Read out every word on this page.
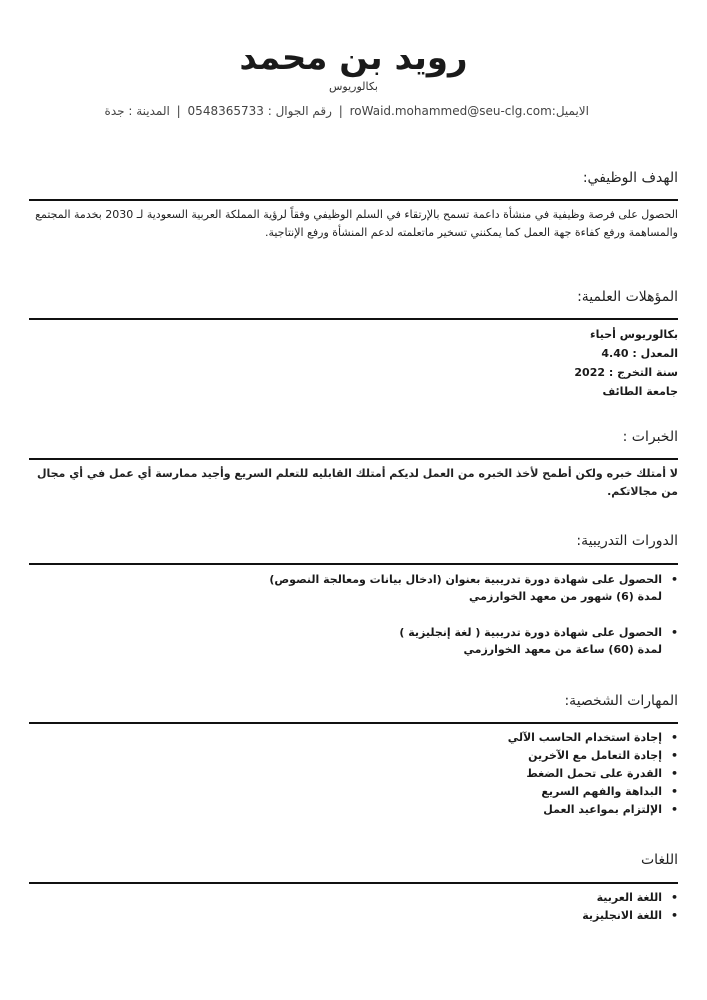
رويد بن محمد
بكالوريوس
الايميل:roWaid.mohammed@seu-clg.com | رقم الجوال : 0548365733 | المدينة : جدة
الهدف الوظيفي:
الحصول على فرصة وظيفية في منشأة داعمة تسمح بالإرتقاء في السلم الوظيفي وفقاً لرؤية المملكة العربية السعودية لـ 2030 بخدمة المجتمع
والمساهمة ورفع كفاءة جهة العمل كما يمكنني تسخير ماتعلمته لدعم المنشأة ورفع الإنتاجية.
المؤهلات العلمية:
بكالوريوس أحياء
المعدل : 4.40
سنة التخرج : 2022
جامعة الطائف
الخبرات :
لا أمتلك خبره ولكن أطمح لأخذ الخبره من العمل لديكم أمتلك القابليه للتعلم السريع وأجيد ممارسة أي عمل في أي مجال من مجالاتكم.
الدورات التدريبية:
•
الحصول على شهادة دورة تدريبية بعنوان (ادخال بيانات ومعالجة النصوص)
لمدة (6) شهور من معهد الخوارزمي
•
الحصول على شهادة دورة تدريبية ( لغة إنجليزية )
لمدة (60) ساعة من معهد الخوارزمي
المهارات الشخصية:
•
إجادة استخدام الحاسب الآلي
•
إجادة التعامل مع الآخرين
•
القدرة على تحمل الضغط
•
البداهة والفهم السريع
•
الإلتزام بمواعيد العمل
اللغات
•
اللغة العربية
•
اللغة الانجليزية
